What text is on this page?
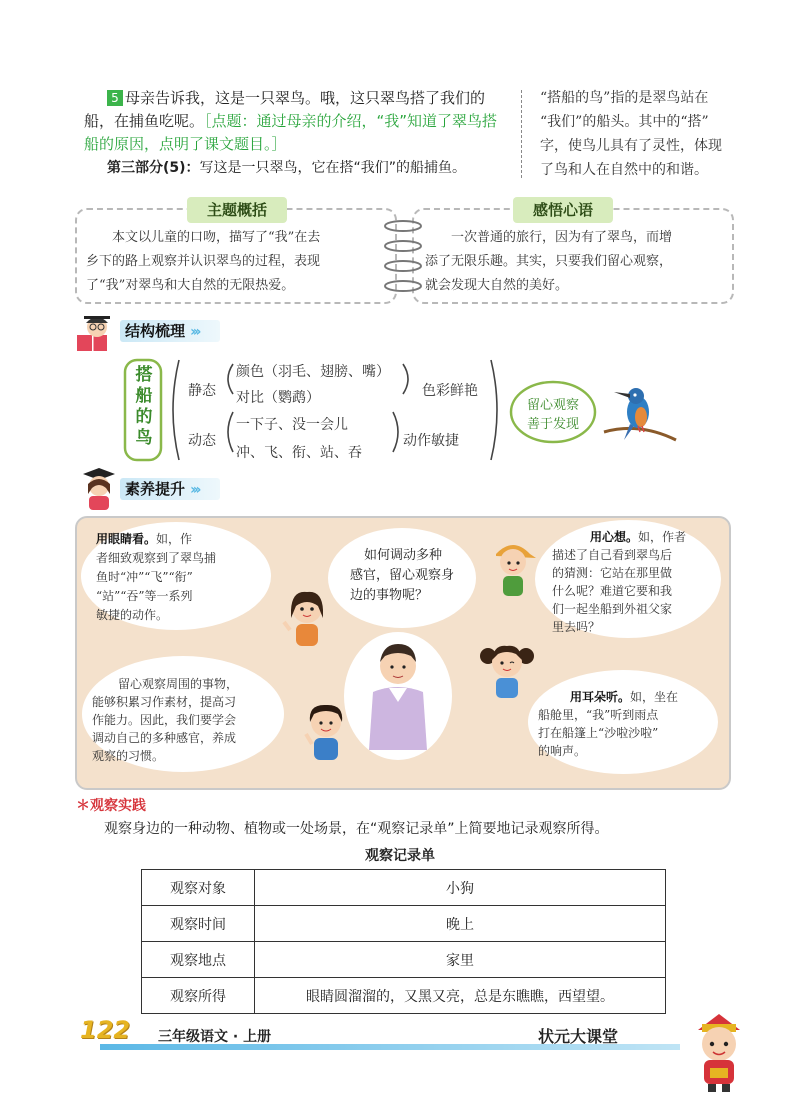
5 母亲告诉我，这是一只翠鸟。哦，这只翠鸟搭了我们的
船，在捕鱼吃呢。［点题：通过母亲的介绍，“我”知道了翠鸟搭
船的原因，点明了课文题目。］
第三部分(5)：写这是一只翠鸟，它在搭“我们”的船捕鱼。
“搭船的鸟”指的是翠鸟站在
“我们”的船头。其中的“搭”
字，使鸟儿具有了灵性，体现
了鸟和人在自然中的和谐。
主题概括
本文以儿童的口吻，描写了“我”在去
乡下的路上观察并认识翠鸟的过程，表现
了“我”对翠鸟和大自然的无限热爱。
感悟心语
一次普通的旅行，因为有了翠鸟，而增
添了无限乐趣。其实，只要我们留心观察，
就会发现大自然的美好。
结构梳理 ›››
搭船的鸟
静态
颜色（羽毛、翅膀、嘴）
对比（鹦鹉）	色彩鲜艳
动态
一下子、没一会儿
冲、飞、衔、站、吞
动作敏捷
留心观察
善于发现
素养提升 ›››
用眼睛看。如，作
者细致观察到了翠鸟捕
鱼时“冲”“飞”“衔”
“站”“吞”等一系列
敏捷的动作。
如何调动多种
感官，留心观察身
边的事物呢？
用心想。如，作者
描述了自己看到翠鸟后
的猜测：它站在那里做
什么呢？难道它要和我
们一起坐船到外祖父家
里去吗？
留心观察周围的事物，
能够积累习作素材，提高习
作能力。因此，我们要学会
调动自己的多种感官，养成
观察的习惯。
用耳朵听。如，坐在
船舱里，“我”听到雨点
打在船篷上“沙啦沙啦”
的响声。
＊观察实践
观察身边的一种动物、植物或一处场景，在“观察记录单”上简要地记录观察所得。
观察记录单
观察对象	小狗
观察时间	晚上
观察地点	家里
观察所得	眼睛圆溜溜的，又黑又亮，总是东瞧瞧，西望望。
122 三年级语文 · 上册	状元大课堂
